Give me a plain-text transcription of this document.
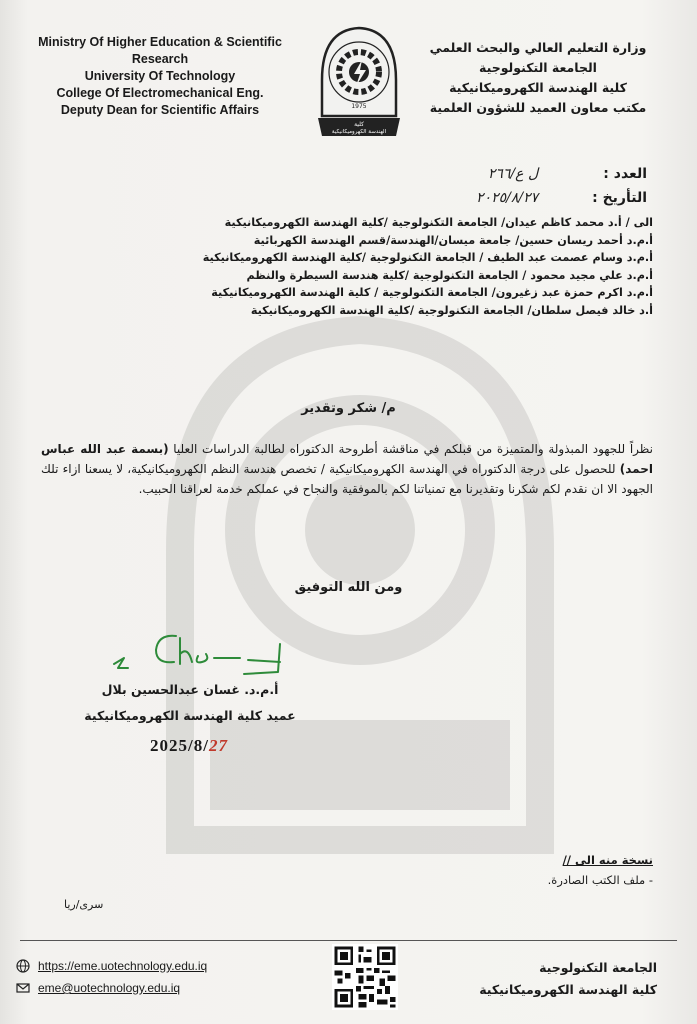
Ministry Of Higher Education & Scientific
Research
University Of Technology
College Of Electromechanical Eng.
Deputy Dean for Scientific Affairs	1975
كلية
الهندسة الكهروميكانيكية
وزارة التعليم العالي والبحث العلمي
الجامعة التكنولوجية
كلية الهندسة الكهروميكانيكية
مكتب معاون العميد للشؤون العلمية
العدد : ل ع/٢٦٦
التأريخ : ٢٠٢٥/٨/٢٧
الى / أ.د محمد كاظم عيدان/ الجامعة التكنولوجية /كلية الهندسة الكهروميكانيكية
أ.م.د أحمد ريسان حسين/ جامعة ميسان/الهندسة/قسم الهندسة الكهربائية
أ.م.د وسام عصمت عبد الطيف / الجامعة التكنولوجية /كلية الهندسة الكهروميكانيكية
أ.م.د علي مجيد محمود / الجامعة التكنولوجية /كلية هندسة السيطرة والنظم
أ.م.د اكرم حمزة عبد زغيرون/ الجامعة التكنولوجية / كلية الهندسة الكهروميكانيكية
أ.د خالد فيصل سلطان/ الجامعة التكنولوجية /كلية الهندسة الكهروميكانيكية
م/ شكر وتقدير
نظراً للجهود المبذولة والمتميزة من قبلكم في مناقشة أطروحة الدكتوراه لطالبة الدراسات العليا (بسمة عبد الله عباس احمد) للحصول على درجة الدكتوراه في الهندسة الكهروميكانيكية / تخصص هندسة النظم الكهروميكانيكية، لا يسعنا ازاء تلك الجهود الا ان نقدم لكم شكرنا وتقديرنا مع تمنياتنا لكم بالموفقية والنجاح في عملكم خدمة لعراقنا الحبيب.
ومن الله التوفيق
أ.م.د. غسان عبدالحسين بلال
عميد كلية الهندسة الكهروميكانيكية
2025/8/27
نسخة منه الى //
- ملف الكتب الصادرة.
سرى/ريا
https://eme.uotechnology.edu.iq
eme@uotechnology.edu.iq
الجامعة التكنولوجية
كلية الهندسة الكهروميكانيكية
